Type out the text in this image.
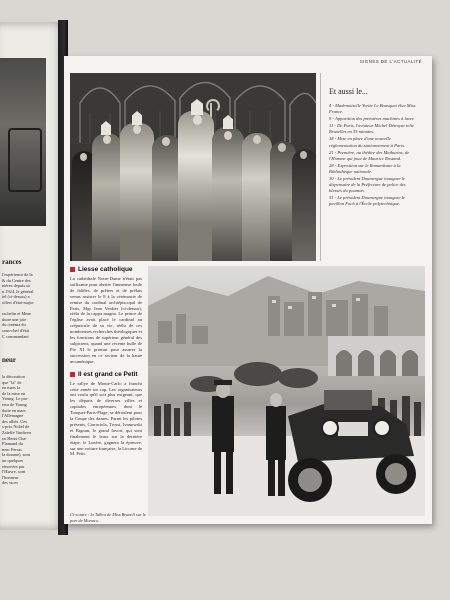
l'expérience de la
& du Centre des
nières depuis sa
n 1924, le général
tel (ci-dessus) a
offert d'état-major

rachelin et Mme
duire une joie
du cinéma du
sous-chef d'état
C commandant
rances
neur
la décoration
que "la" de
en mars la
de la mise en
Young. Le pro-
reur de Young
duite en mars
l'Allemagne
des alliés. Ces
s-prix Nobel de
Zaleffe Tardiveu
en Henri Cha-
Flamand du
neur Ferras
la douane), sont
un quelques
rénovées par
l'Œuvre, sont
l'honneur
des vices
SIGNES DE L'ACTUALITÉ
Et aussi le...
4 - Mademoiselle Yvette Le Bousquet élue Miss France.
9 - Apparition des premières machines à laver.
11 - De Paris, l'aviateur Michel Détroyat relie Bruxelles en 55 minutes.
18 - Mise en place d'une nouvelle réglementation du stationnement à Paris.
21 - Première, au théâtre des Mathurins, de l'Homme qui joue de Maurice Rostand.
28 - Exposition sur le Romantisme à la Bibliothèque nationale.
30 - Le président Doumergue inaugure le dispensaire de la Préfecture de police des blessés du poumon.
31 - Le président Doumergue inaugure le pavillon Foch à l'École polytechnique.
Liesse catholique
La cathédrale Notre-Dame n'était pas suffisante pour abriter l'immense foule de fidèles, de prêtres et de prélats venus assister le 8 à la cérémonie de remise du cardinal archiépiscopal de Paris, Mgr Jean Verdier (ci-dessus), réélu de la cappa magna. Le prince de l'église avait placé le cardinal au crépuscule de sa vie, réélu de ces nombreuses recherches théologiques et les fonctions de supérieur général des sulpiciens, quand une récente bulle de Pie XI le promut pour assurer la succession en ce secteur de la haute œcuménique.
Il est grand ce Petit
Le rallye de Monte-Carlo a franchi cette année un cap. Les organisateurs ont voulu qu'il soit plus exigeant, que les départs de diverses villes et capitales européennes, dont le Touquet-Paris-Plage, se déroulent pour la Coupe des dames, Parmi les pilotes présents, Carraciola, Trossi, Ivanowski et Bignan, le grand favori, qui sont finalement le leurs sur la dernière étape, le Lozère, gagnera la épreuve, sur une voiture française, la Licorne de M. Petit.
Ci-contre : la Talbot de Miss Brunell sur le port de Monaco.
